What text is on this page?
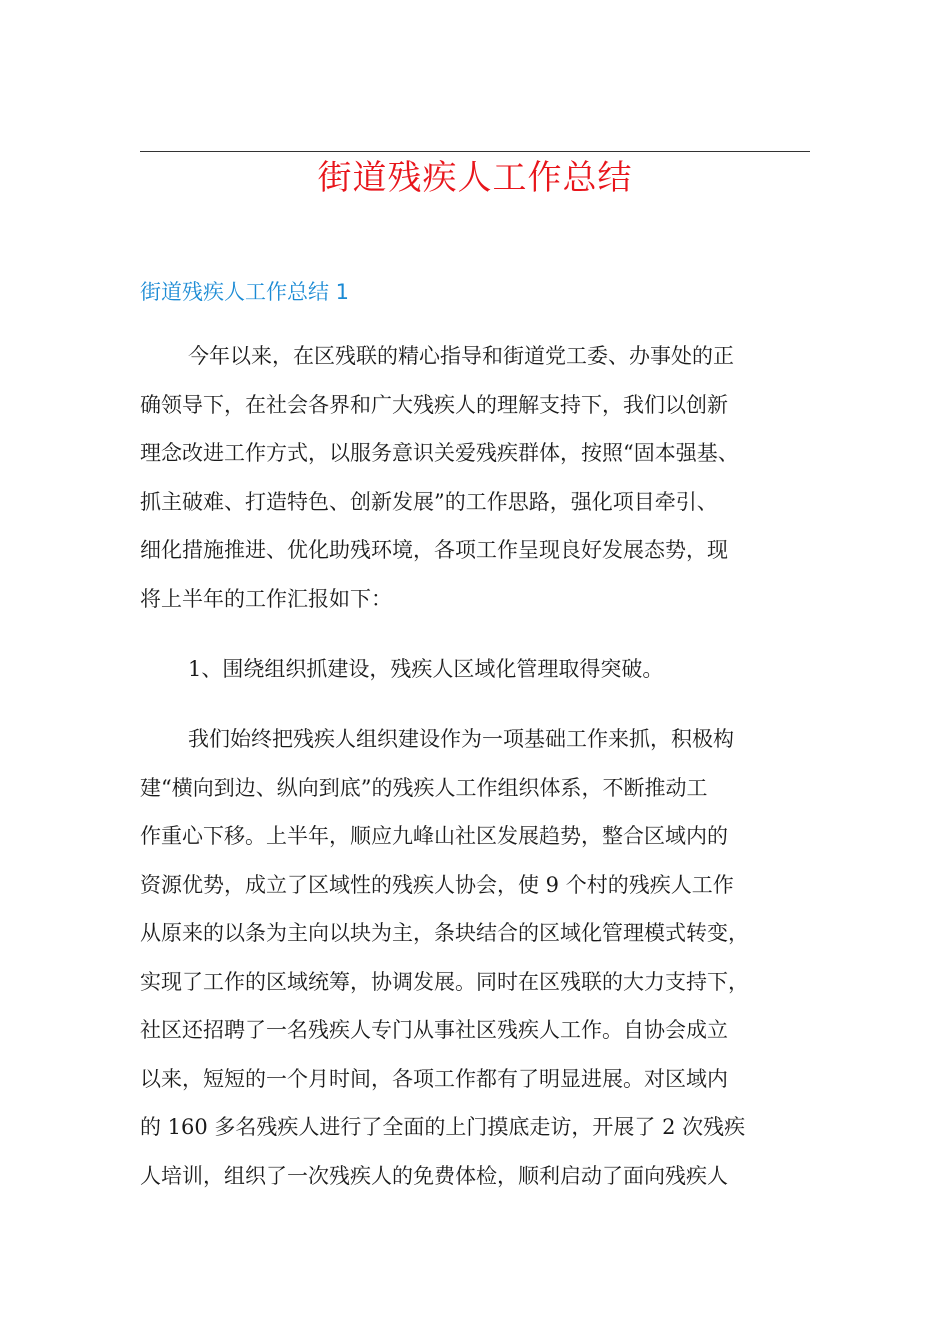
街道残疾人工作总结
街道残疾人工作总结 1
今年以来，在区残联的精心指导和街道党工委、办事处的正
确领导下，在社会各界和广大残疾人的理解支持下，我们以创新
理念改进工作方式，以服务意识关爱残疾群体，按照“固本强基、
抓主破难、打造特色、创新发展”的工作思路，强化项目牵引、
细化措施推进、优化助残环境，各项工作呈现良好发展态势，现
将上半年的工作汇报如下：
1、围绕组织抓建设，残疾人区域化管理取得突破。
我们始终把残疾人组织建设作为一项基础工作来抓，积极构
建“横向到边、纵向到底”的残疾人工作组织体系，不断推动工
作重心下移。上半年，顺应九峰山社区发展趋势，整合区域内的
资源优势，成立了区域性的残疾人协会，使 9 个村的残疾人工作
从原来的以条为主向以块为主，条块结合的区域化管理模式转变，
实现了工作的区域统筹，协调发展。同时在区残联的大力支持下，
社区还招聘了一名残疾人专门从事社区残疾人工作。自协会成立
以来，短短的一个月时间，各项工作都有了明显进展。对区域内
的 160 多名残疾人进行了全面的上门摸底走访，开展了 2 次残疾
人培训，组织了一次残疾人的免费体检，顺利启动了面向残疾人
